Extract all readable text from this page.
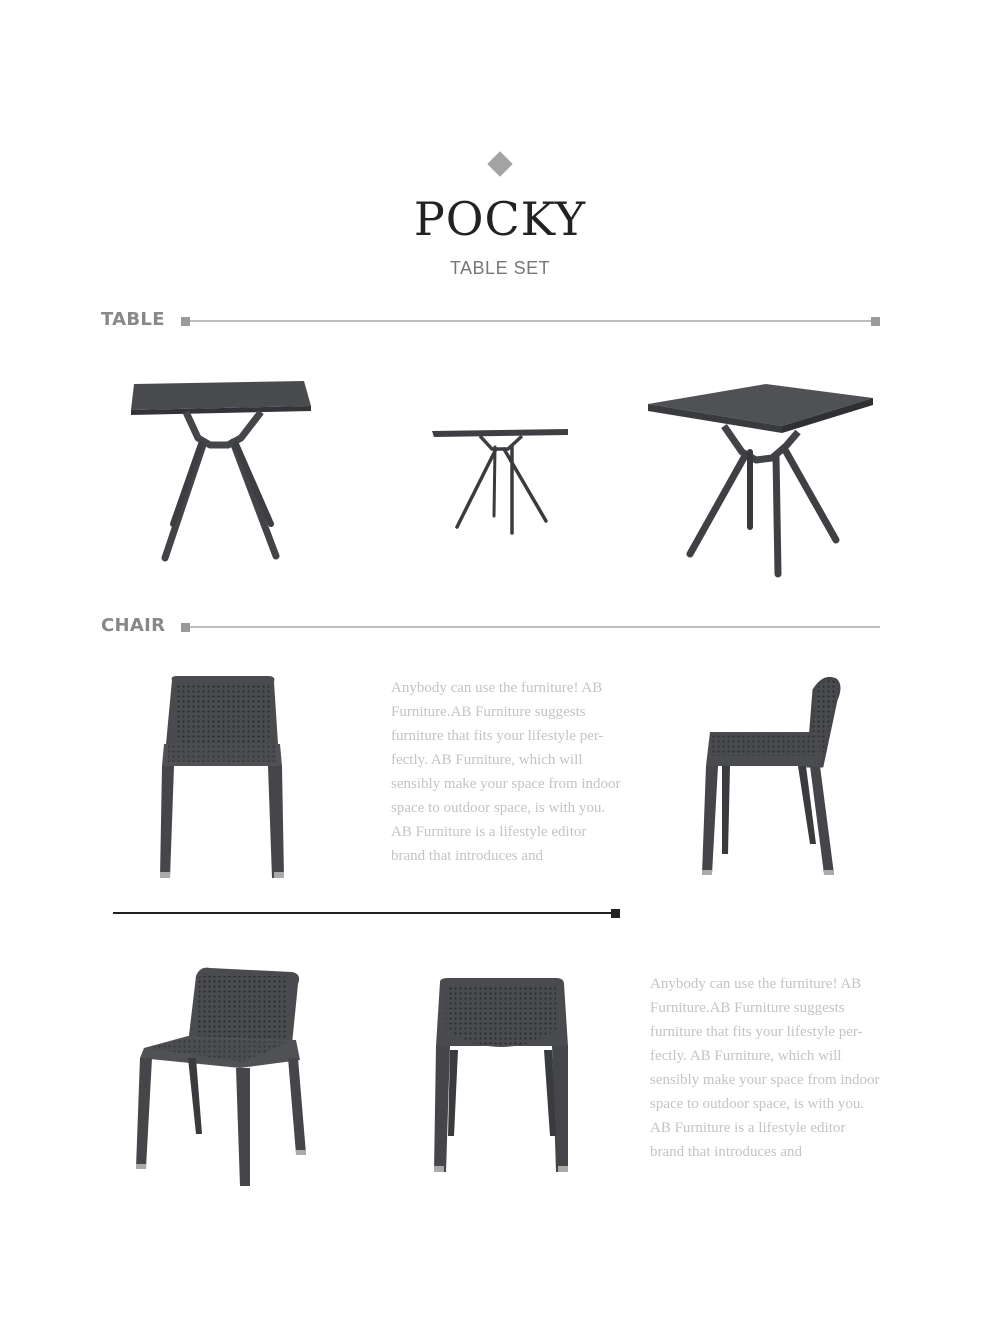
POCKY
TABLE SET
TABLE
CHAIR
Anybody can use the furniture! AB Furniture.AB Furniture suggests furniture that fits your lifestyle per-fectly. AB Furniture, which will sensibly make your space from indoor space to outdoor space, is with you. AB Furniture is a lifestyle editor brand that introduces and
Anybody can use the furniture! AB Furniture.AB Furniture suggests furniture that fits your lifestyle per-fectly. AB Furniture, which will sensibly make your space from indoor space to outdoor space, is with you. AB Furniture is a lifestyle editor brand that introduces and
